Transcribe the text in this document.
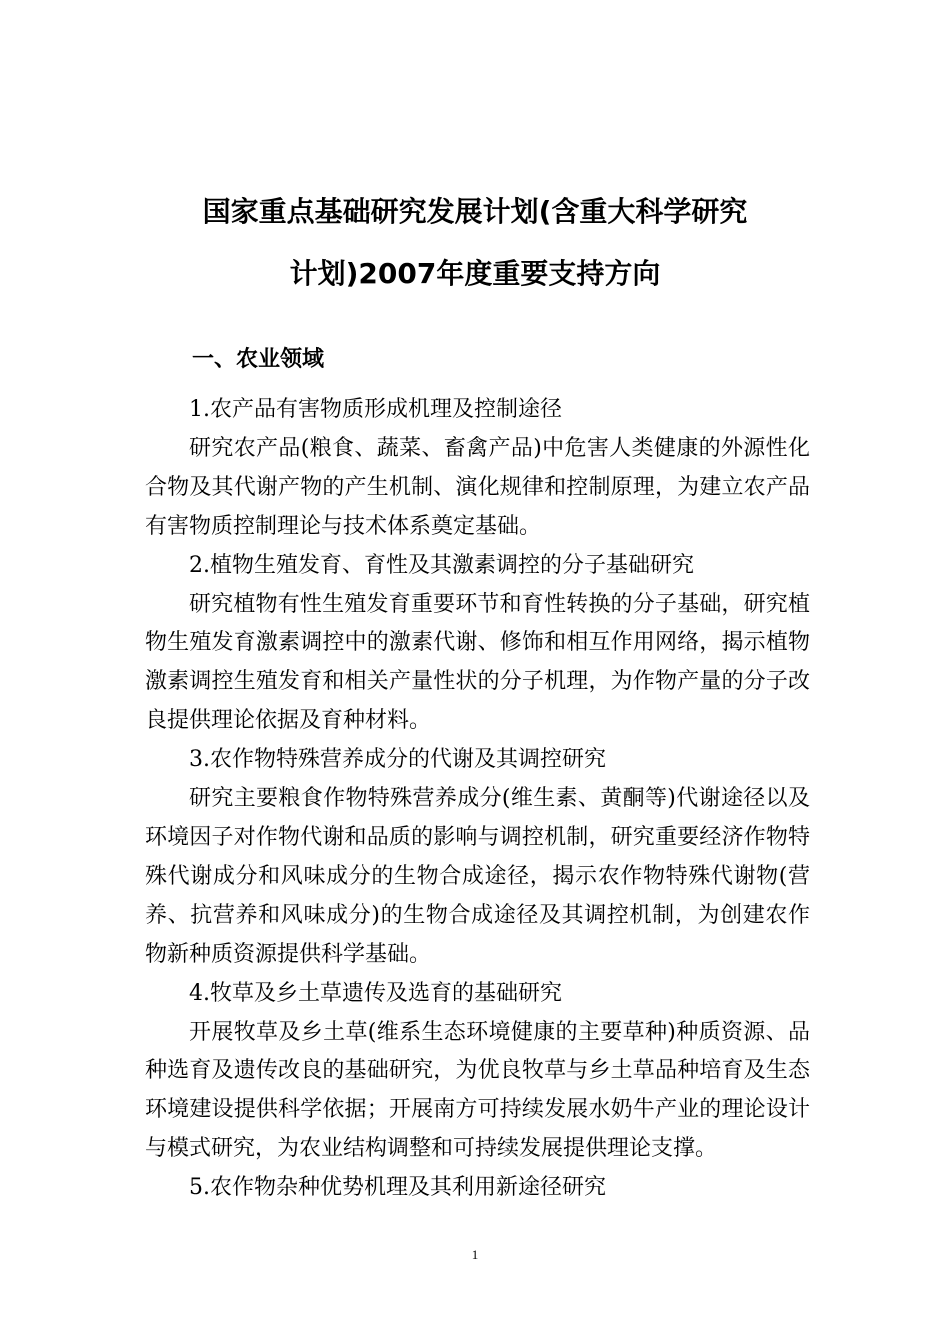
国家重点基础研究发展计划(含重大科学研究
计划)2007年度重要支持方向
一、农业领域

1.农产品有害物质形成机理及控制途径

研究农产品(粮食、蔬菜、畜禽产品)中危害人类健康的外源性化合物及其代谢产物的产生机制、演化规律和控制原理，为建立农产品有害物质控制理论与技术体系奠定基础。

2.植物生殖发育、育性及其激素调控的分子基础研究

研究植物有性生殖发育重要环节和育性转换的分子基础，研究植物生殖发育激素调控中的激素代谢、修饰和相互作用网络，揭示植物激素调控生殖发育和相关产量性状的分子机理，为作物产量的分子改良提供理论依据及育种材料。

3.农作物特殊营养成分的代谢及其调控研究

研究主要粮食作物特殊营养成分(维生素、黄酮等)代谢途径以及环境因子对作物代谢和品质的影响与调控机制，研究重要经济作物特殊代谢成分和风味成分的生物合成途径，揭示农作物特殊代谢物(营养、抗营养和风味成分)的生物合成途径及其调控机制，为创建农作物新种质资源提供科学基础。

4.牧草及乡土草遗传及选育的基础研究

开展牧草及乡土草(维系生态环境健康的主要草种)种质资源、品种选育及遗传改良的基础研究，为优良牧草与乡土草品种培育及生态环境建设提供科学依据；开展南方可持续发展水奶牛产业的理论设计与模式研究，为农业结构调整和可持续发展提供理论支撑。

5.农作物杂种优势机理及其利用新途径研究

1
